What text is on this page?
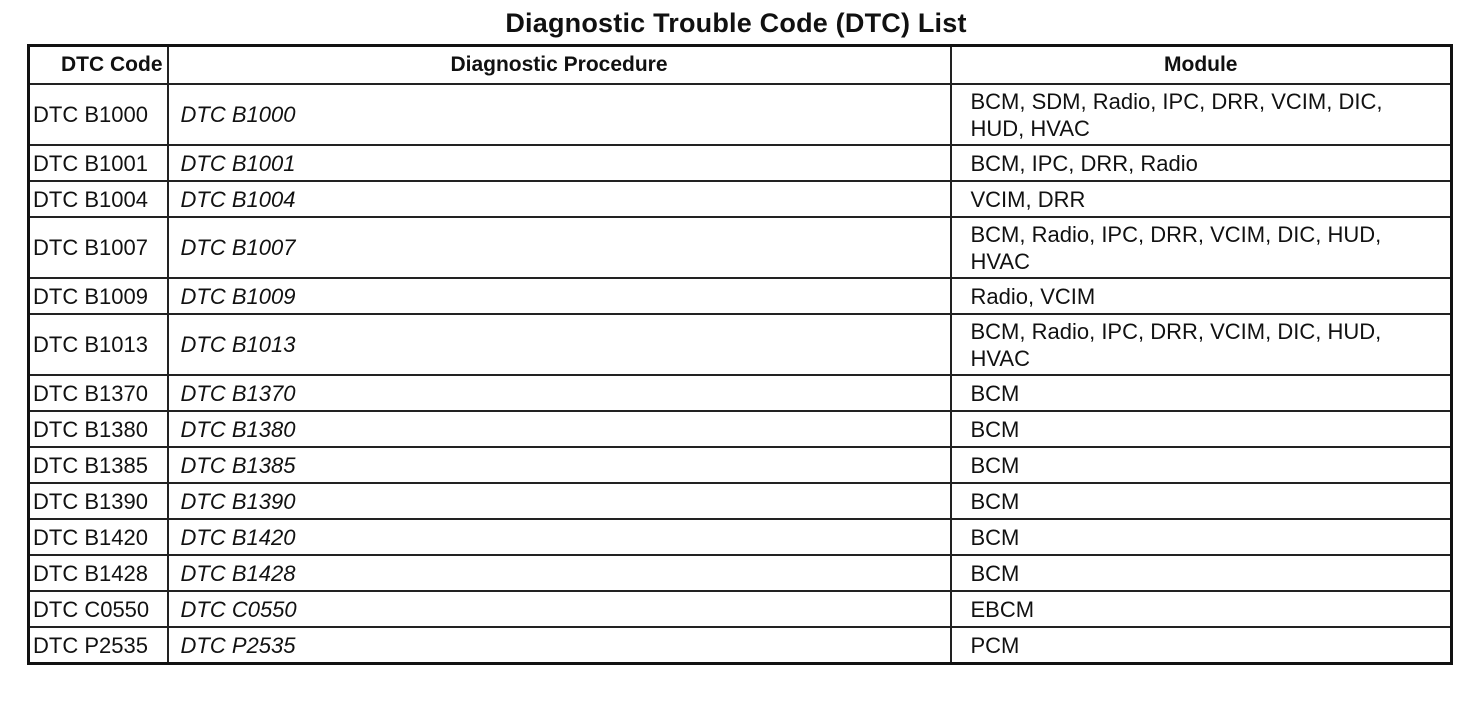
Diagnostic Trouble Code (DTC) List
DTC Code	Diagnostic Procedure	Module
DTC B1000	DTC B1000	BCM, SDM, Radio, IPC, DRR, VCIM, DIC, HUD, HVAC
DTC B1001	DTC B1001	BCM, IPC, DRR, Radio
DTC B1004	DTC B1004	VCIM, DRR
DTC B1007	DTC B1007	BCM, Radio, IPC, DRR, VCIM, DIC, HUD, HVAC
DTC B1009	DTC B1009	Radio, VCIM
DTC B1013	DTC B1013	BCM, Radio, IPC, DRR, VCIM, DIC, HUD, HVAC
DTC B1370	DTC B1370	BCM
DTC B1380	DTC B1380	BCM
DTC B1385	DTC B1385	BCM
DTC B1390	DTC B1390	BCM
DTC B1420	DTC B1420	BCM
DTC B1428	DTC B1428	BCM
DTC C0550	DTC C0550	EBCM
DTC P2535	DTC P2535	PCM
